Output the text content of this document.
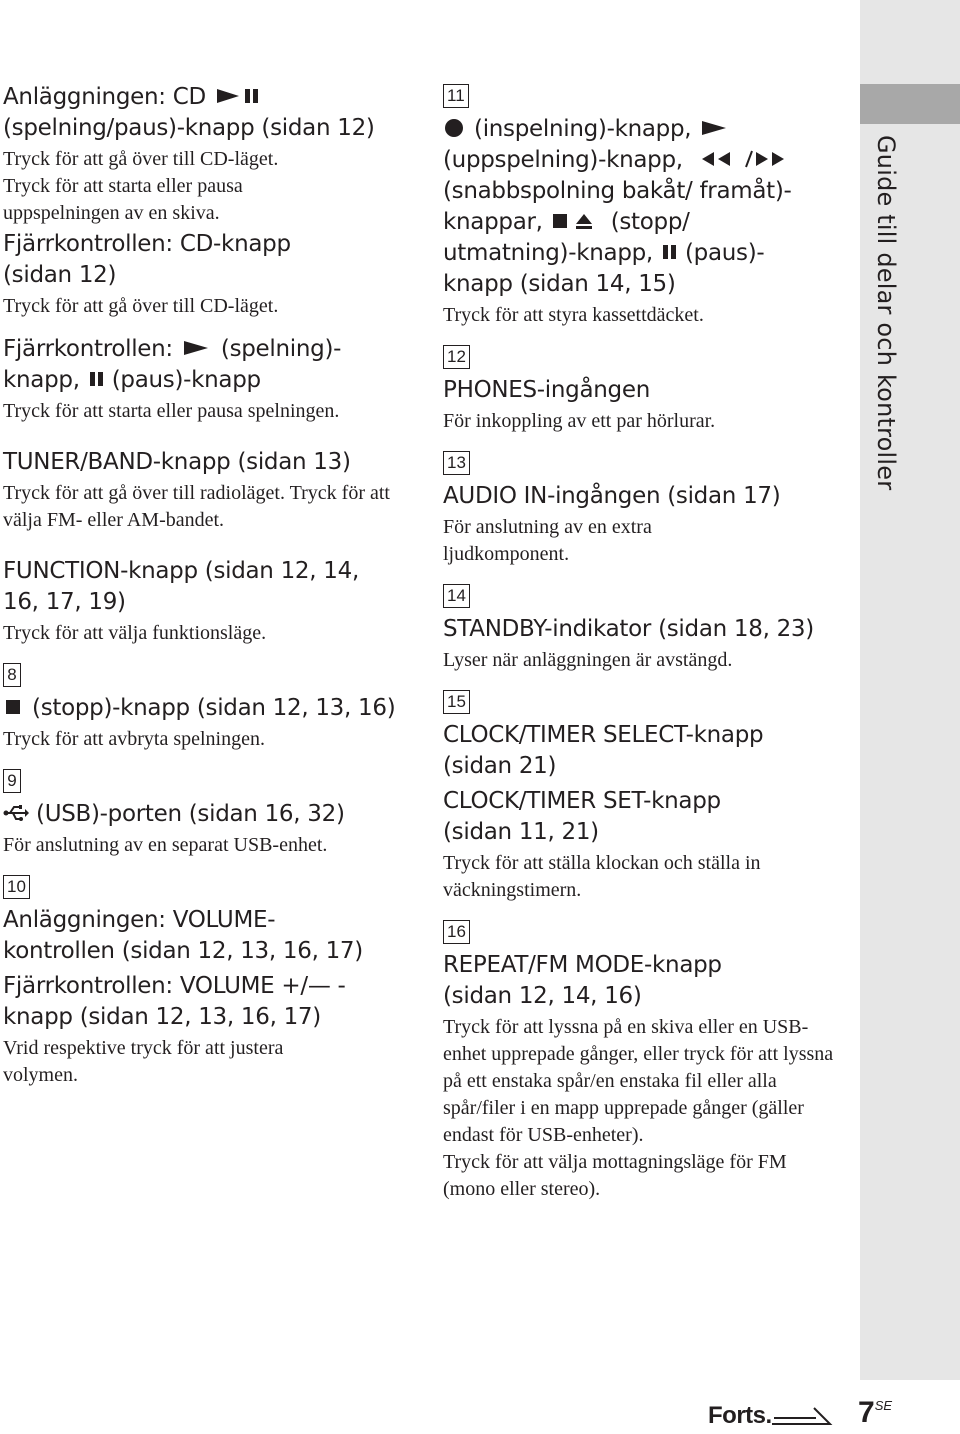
Guide till delar och kontroller

Anläggningen: CD

(spelning/paus)-knapp (sidan 12)

Tryck för att gå över till CD-läget. Tryck för att starta eller pausa uppspelningen av en skiva.

Fjärrkontrollen: CD-knapp (sidan 12)

Tryck för att gå över till CD-läget.

Fjärrkontrollen: (spelning)-

knapp, (paus)-knapp

Tryck för att starta eller pausa spelningen.

TUNER/BAND-knapp (sidan 13)

Tryck för att gå över till radioläget. Tryck för att välja FM- eller AM-bandet.

FUNCTION-knapp (sidan 12, 14, 16, 17, 19)

Tryck för att välja funktionsläge.

8

(stopp)-knapp (sidan 12, 13, 16)

Tryck för att avbryta spelningen.

9

(USB)-porten (sidan 16, 32)

För anslutning av en separat USB-enhet.

10

Anläggningen: VOLUME-kontrollen (sidan 12, 13, 16, 17)

Fjärrkontrollen: VOLUME +/— -knapp (sidan 12, 13, 16, 17)

Vrid respektive tryck för att justera volymen.

11

(inspelning)-knapp,

(uppspelning)-knapp,

(snabbspolning bakåt/ framåt)-knappar,	(stopp/ utmatning)-knapp, (paus)-knapp (sidan 14, 15)

Tryck för att styra kassettdäcket.

12

PHONES-ingången

För inkoppling av ett par hörlurar.

13

AUDIO IN-ingången (sidan 17)

För anslutning av en extra ljudkomponent.

14

STANDBY-indikator (sidan 18, 23)

Lyser när anläggningen är avstängd.

15

CLOCK/TIMER SELECT-knapp (sidan 21)

CLOCK/TIMER SET-knapp (sidan 11, 21)

Tryck för att ställa klockan och ställa in väckningstimern.

16

REPEAT/FM MODE-knapp (sidan 12, 14, 16)

Tryck för att lyssna på en skiva eller en USB-enhet upprepade gånger, eller tryck för att lyssna på ett enstaka spår/en enstaka fil eller alla spår/filer i en mapp upprepade gånger (gäller endast för USB-enheter).

Tryck för att välja mottagningsläge för FM (mono eller stereo).

Forts.	$7^{SE}$
